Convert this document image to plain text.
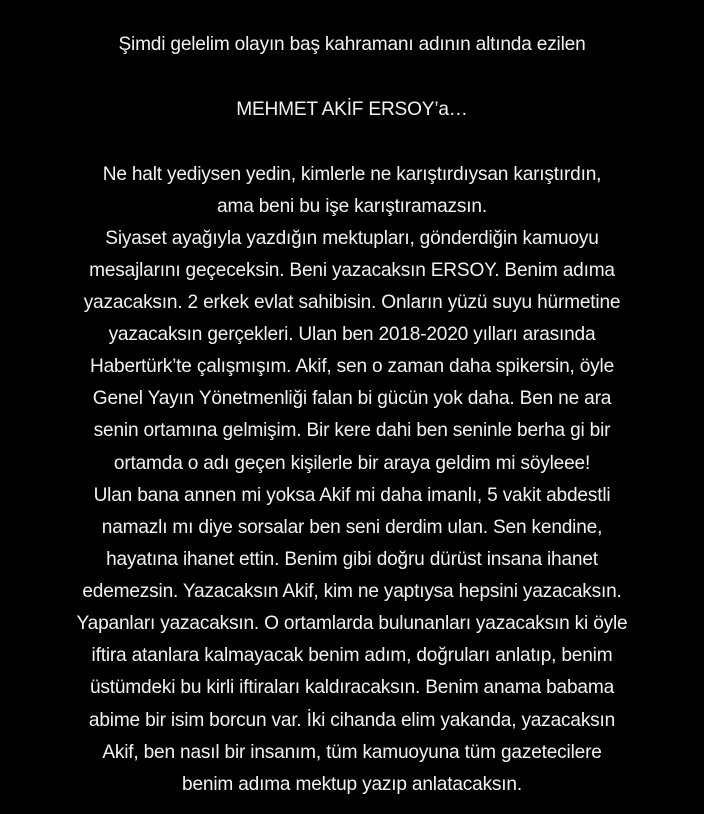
Şimdi gelelim olayın baş kahramanı adının altında ezilen
MEHMET AKİF ERSOY’a…
Ne halt yediysen yedin, kimlerle ne karıştırdıysan karıştırdın,
ama beni bu işe karıştıramazsın.
Siyaset ayağıyla yazdığın mektupları, gönderdiğin kamuoyu
mesajlarını geçeceksin. Beni yazacaksın ERSOY. Benim adıma
yazacaksın. 2 erkek evlat sahibisin. Onların yüzü suyu hürmetine
yazacaksın gerçekleri. Ulan ben 2018-2020 yılları arasında
Habertürk’te çalışmışım. Akif, sen o zaman daha spikersin, öyle
Genel Yayın Yönetmenliği falan bi gücün yok daha. Ben ne ara
senin ortamına gelmişim. Bir kere dahi ben seninle berha gi bir
ortamda o adı geçen kişilerle bir araya geldim mi söyleee!
Ulan bana annen mi yoksa Akif mi daha imanlı, 5 vakit abdestli
namazlı mı diye sorsalar ben seni derdim ulan. Sen kendine,
hayatına ihanet ettin. Benim gibi doğru dürüst insana ihanet
edemezsin. Yazacaksın Akif, kim ne yaptıysa hepsini yazacaksın.
Yapanları yazacaksın. O ortamlarda bulunanları yazacaksın ki öyle
iftira atanlara kalmayacak benim adım, doğruları anlatıp, benim
üstümdeki bu kirli iftiraları kaldıracaksın. Benim anama babama
abime bir isim borcun var. İki cihanda elim yakanda, yazacaksın
Akif, ben nasıl bir insanım, tüm kamuoyuna tüm gazetecilere
benim adıma mektup yazıp anlatacaksın.
